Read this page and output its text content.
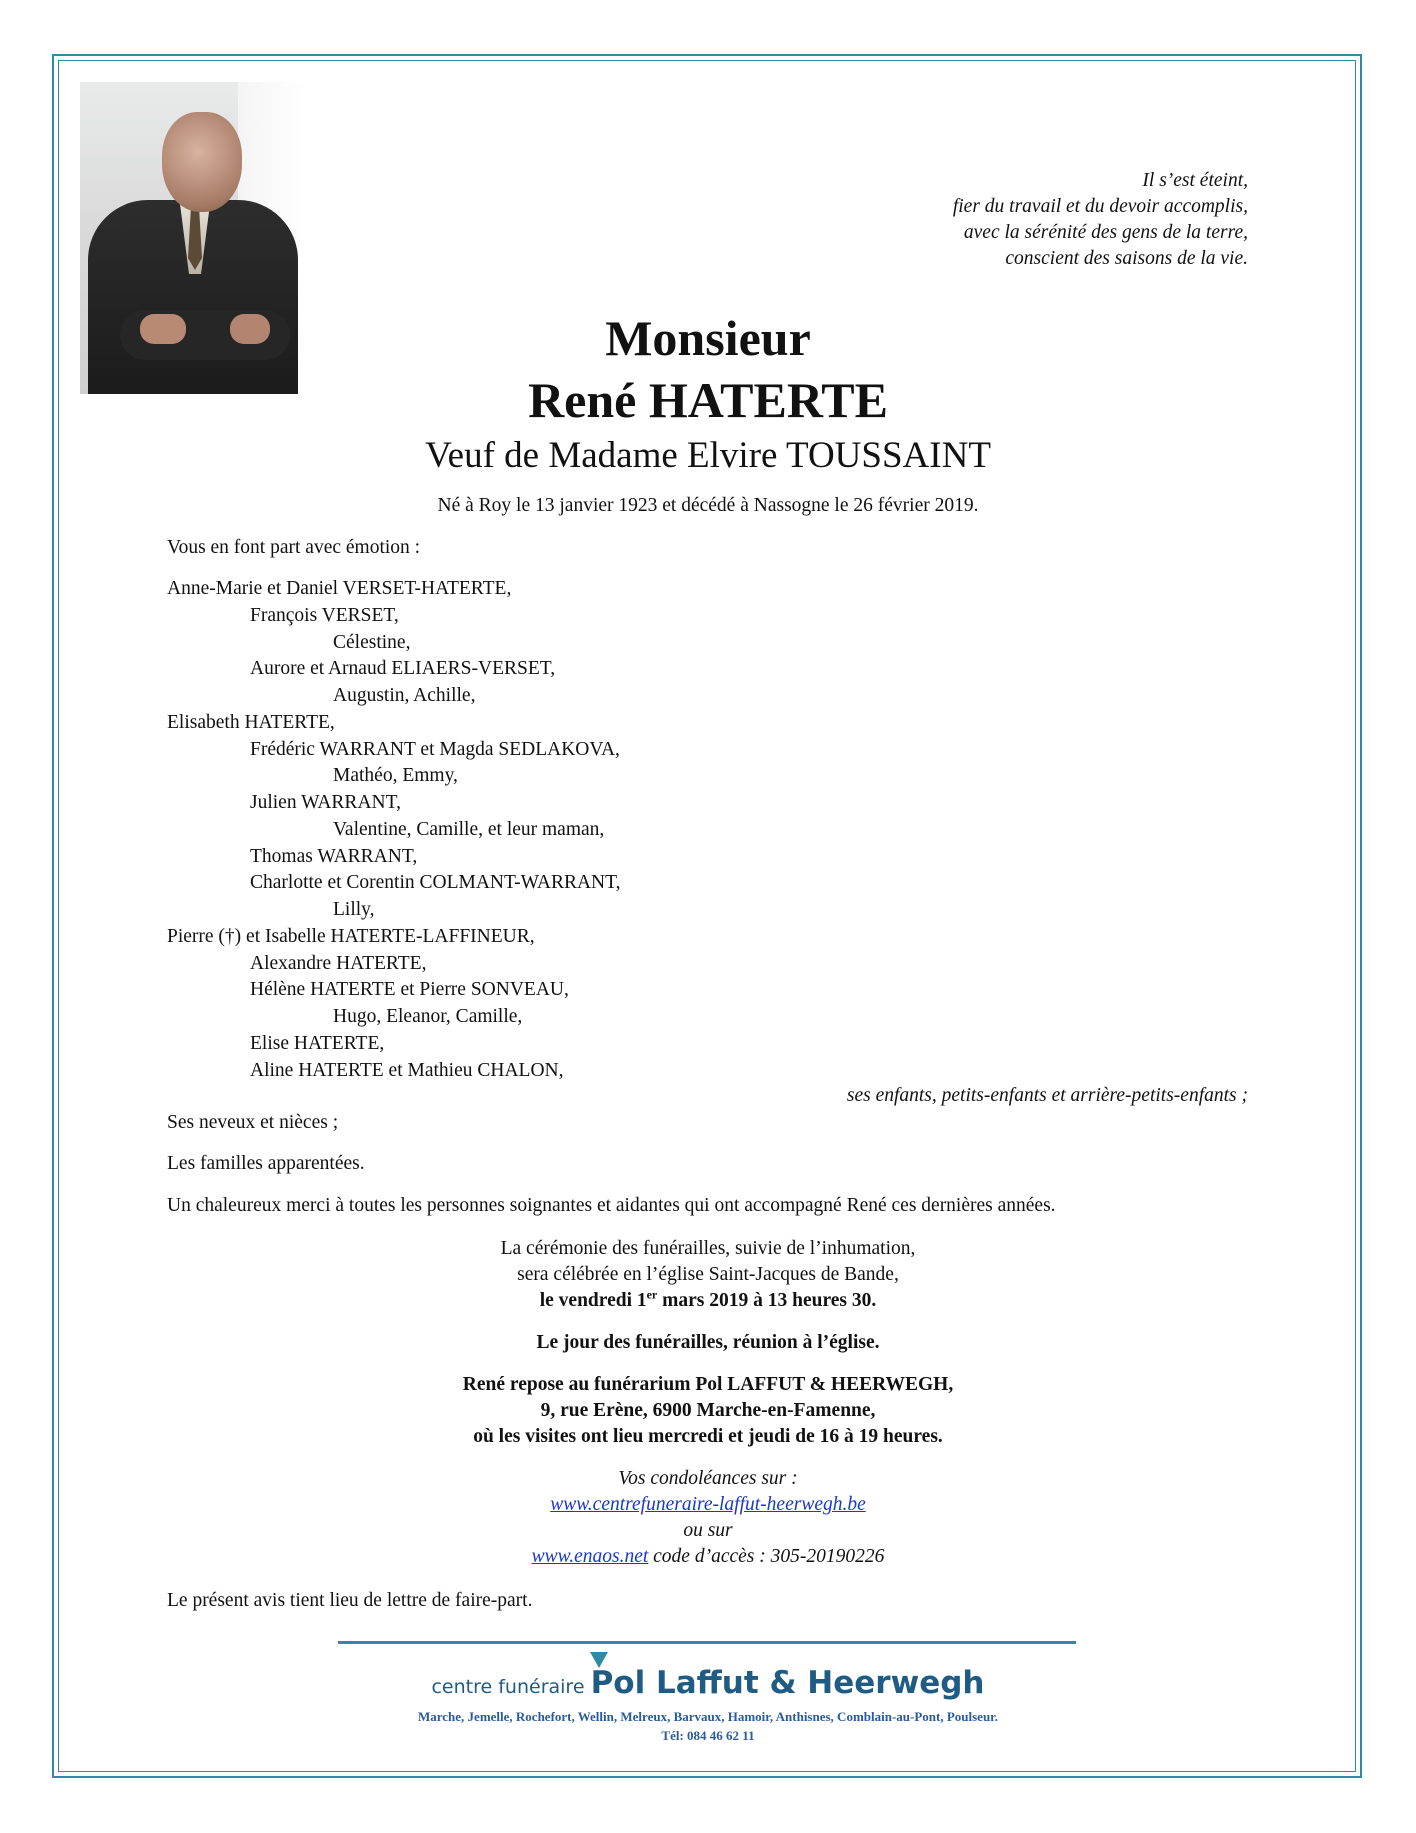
Il s’est éteint,
fier du travail et du devoir accomplis,
avec la sérénité des gens de la terre,
conscient des saisons de la vie.
Monsieur
René HATERTE
Veuf de Madame Elvire TOUSSAINT
Né à Roy le 13 janvier 1923 et décédé à Nassogne le 26 février 2019.
Vous en font part avec émotion :
Anne-Marie et Daniel VERSET-HATERTE,
François VERSET,
Célestine,
Aurore et Arnaud ELIAERS-VERSET,
Augustin, Achille,
Elisabeth HATERTE,
Frédéric WARRANT et Magda SEDLAKOVA,
Mathéo, Emmy,
Julien WARRANT,
Valentine, Camille, et leur maman,
Thomas WARRANT,
Charlotte et Corentin COLMANT-WARRANT,
Lilly,
Pierre (†) et Isabelle HATERTE-LAFFINEUR,
Alexandre HATERTE,
Hélène HATERTE et Pierre SONVEAU,
Hugo, Eleanor, Camille,
Elise HATERTE,
Aline HATERTE et Mathieu CHALON,
ses enfants, petits-enfants et arrière-petits-enfants ;
Ses neveux et nièces ;
Les familles apparentées.
Un chaleureux merci à toutes les personnes soignantes et aidantes qui ont accompagné René ces dernières années.
La cérémonie des funérailles, suivie de l’inhumation,
sera célébrée en l’église Saint-Jacques de Bande,
le vendredi 1er mars 2019 à 13 heures 30.
Le jour des funérailles, réunion à l’église.
René repose au funérarium Pol LAFFUT & HEERWEGH,
9, rue Erène, 6900 Marche-en-Famenne,
où les visites ont lieu mercredi et jeudi de 16 à 19 heures.
Vos condoléances sur :
www.centrefuneraire-laffut-heerwegh.be
ou sur
www.enaos.net code d’accès : 305-20190226
Le présent avis tient lieu de lettre de faire-part.
centre funéraire Pol Laffut & Heerwegh
Marche, Jemelle, Rochefort, Wellin, Melreux, Barvaux, Hamoir, Anthisnes, Comblain-au-Pont, Poulseur.
Tél: 084 46 62 11
